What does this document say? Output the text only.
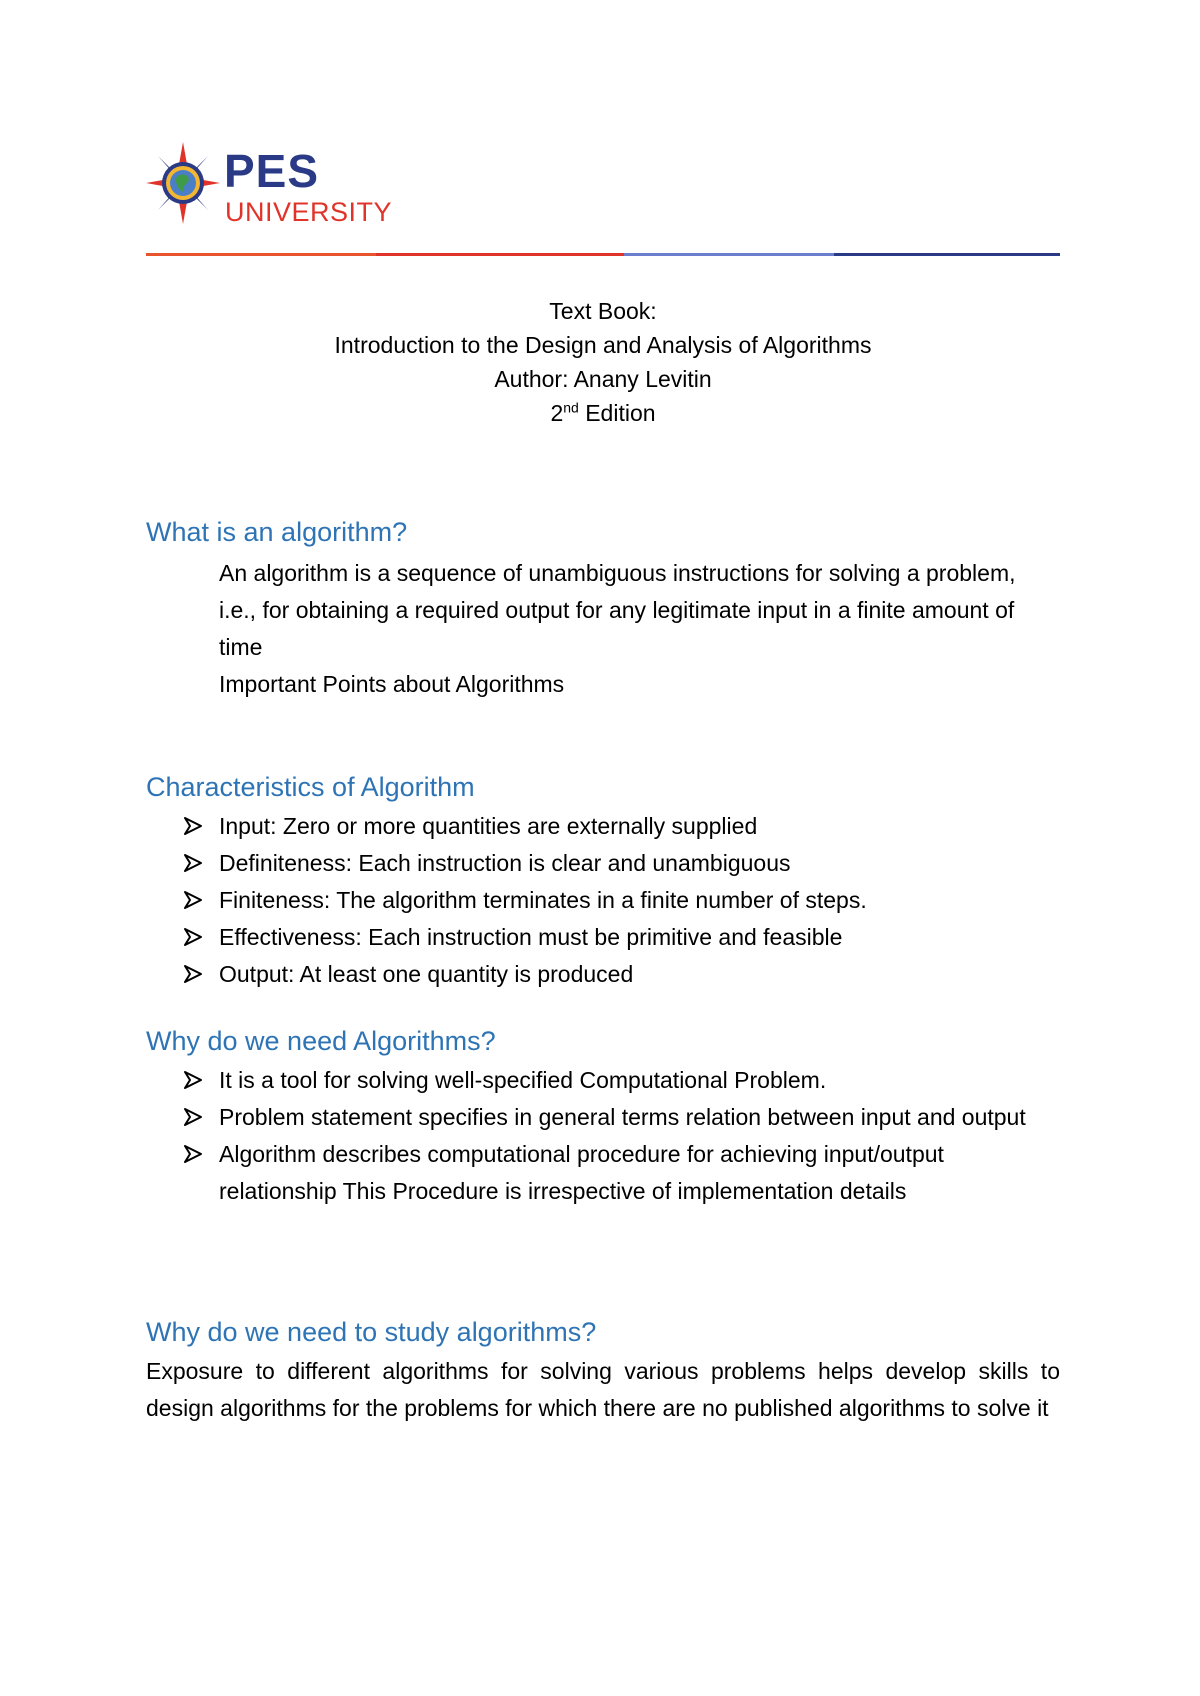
PES
UNIVERSITY
Text Book:
Introduction to the Design and Analysis of Algorithms
Author: Anany Levitin
2nd Edition
What is an algorithm?

An algorithm is a sequence of unambiguous instructions for solving a problem,

i.e., for obtaining a required output for any legitimate input in a finite amount of time

Important Points about Algorithms

Characteristics of Algorithm
Input: Zero or more quantities are externally supplied
Definiteness: Each instruction is clear and unambiguous
Finiteness: The algorithm terminates in a finite number of steps.
Effectiveness: Each instruction must be primitive and feasible
Output: At least one quantity is produced
Why do we need Algorithms?
It is a tool for solving well-specified Computational Problem.
Problem statement specifies in general terms relation between input and output
Algorithm describes computational procedure for achieving input/output relationship This Procedure is irrespective of implementation details
Why do we need to study algorithms?
Exposure to different algorithms for solving various problems helps develop skills to design algorithms for the problems for which there are no published algorithms to solve it
